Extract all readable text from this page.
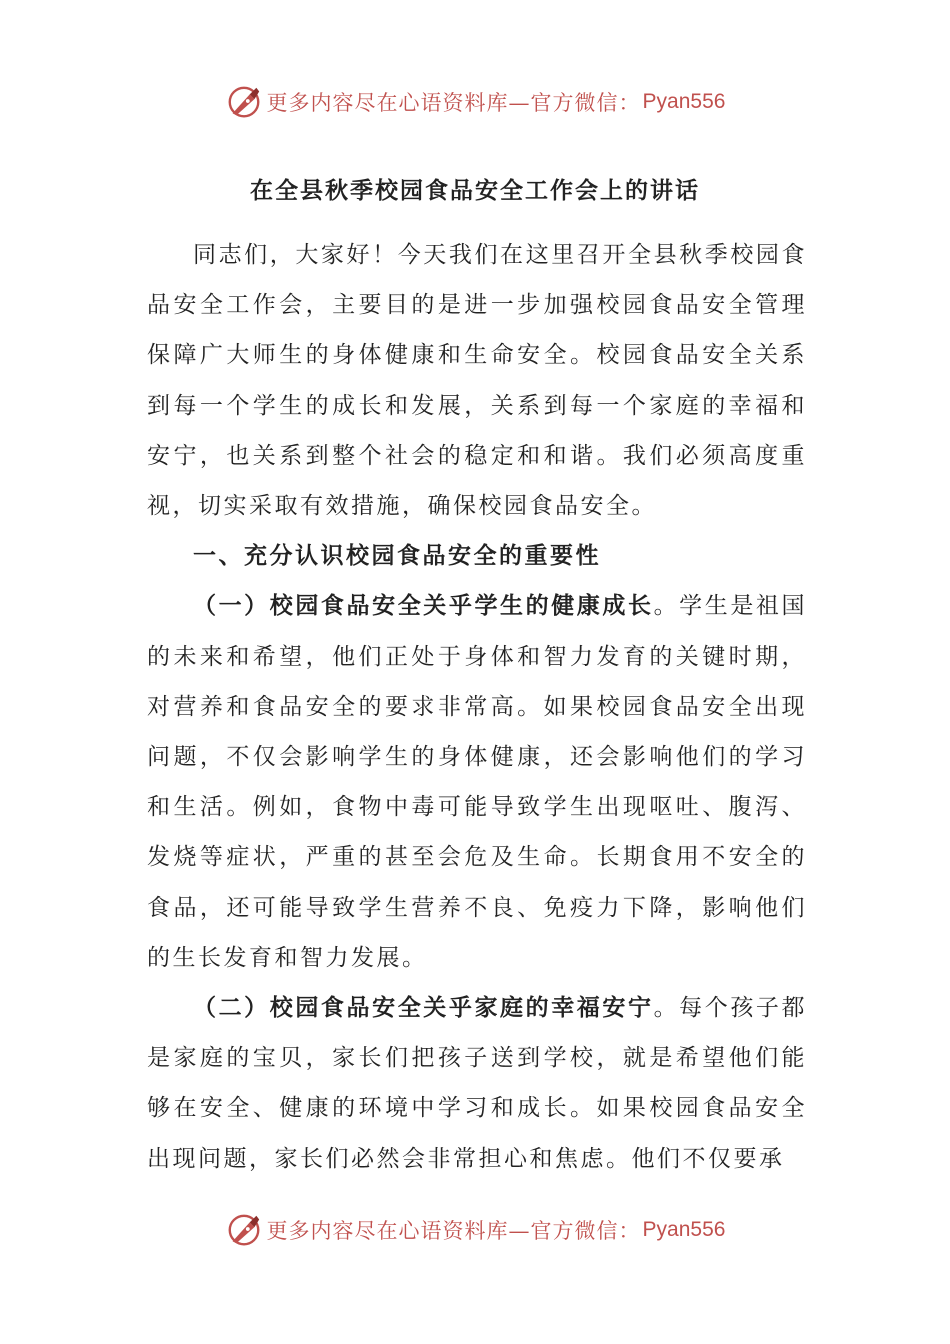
更多内容尽在心语资料库—官方微信： Pyan556
在全县秋季校园食品安全工作会上的讲话

同志们，大家好！今天我们在这里召开全县秋季校园食品安全工作会，主要目的是进一步加强校园食品安全管理保障广大师生的身体健康和生命安全。校园食品安全关系到每一个学生的成长和发展，关系到每一个家庭的幸福和安宁，也关系到整个社会的稳定和和谐。我们必须高度重视，切实采取有效措施，确保校园食品安全。

一、充分认识校园食品安全的重要性

（一）校园食品安全关乎学生的健康成长。学生是祖国的未来和希望，他们正处于身体和智力发育的关键时期，对营养和食品安全的要求非常高。如果校园食品安全出现问题，不仅会影响学生的身体健康，还会影响他们的学习和生活。例如，食物中毒可能导致学生出现呕吐、腹泻、发烧等症状，严重的甚至会危及生命。长期食用不安全的食品，还可能导致学生营养不良、免疫力下降，影响他们的生长发育和智力发展。

（二）校园食品安全关乎家庭的幸福安宁。每个孩子都是家庭的宝贝，家长们把孩子送到学校，就是希望他们能够在安全、健康的环境中学习和成长。如果校园食品安全出现问题，家长们必然会非常担心和焦虑。他们不仅要承

更多内容尽在心语资料库—官方微信： Pyan556
